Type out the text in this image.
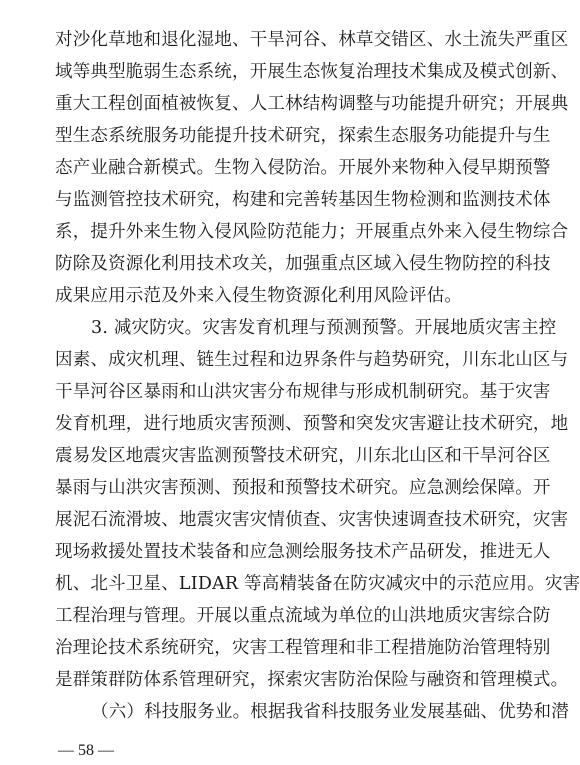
对沙化草地和退化湿地、干旱河谷、林草交错区、水土流失严重区
域等典型脆弱生态系统，开展生态恢复治理技术集成及模式创新、
重大工程创面植被恢复、人工林结构调整与功能提升研究；开展典
型生态系统服务功能提升技术研究，探索生态服务功能提升与生
态产业融合新模式。生物入侵防治。开展外来物种入侵早期预警
与监测管控技术研究，构建和完善转基因生物检测和监测技术体
系，提升外来生物入侵风险防范能力；开展重点外来入侵生物综合
防除及资源化利用技术攻关，加强重点区域入侵生物防控的科技
成果应用示范及外来入侵生物资源化利用风险评估。
3. 减灾防灾。灾害发育机理与预测预警。开展地质灾害主控
因素、成灾机理、链生过程和边界条件与趋势研究，川东北山区与
干旱河谷区暴雨和山洪灾害分布规律与形成机制研究。基于灾害
发育机理，进行地质灾害预测、预警和突发灾害避让技术研究，地
震易发区地震灾害监测预警技术研究，川东北山区和干旱河谷区
暴雨与山洪灾害预测、预报和预警技术研究。应急测绘保障。开
展泥石流滑坡、地震灾害灾情侦查、灾害快速调查技术研究，灾害
现场救援处置技术装备和应急测绘服务技术产品研发，推进无人
机、北斗卫星、LIDAR 等高精装备在防灾减灾中的示范应用。灾害
工程治理与管理。开展以重点流域为单位的山洪地质灾害综合防
治理论技术系统研究，灾害工程管理和非工程措施防治管理特别
是群策群防体系管理研究，探索灾害防治保险与融资和管理模式。
（六）科技服务业。根据我省科技服务业发展基础、优势和潜
— 58 —
